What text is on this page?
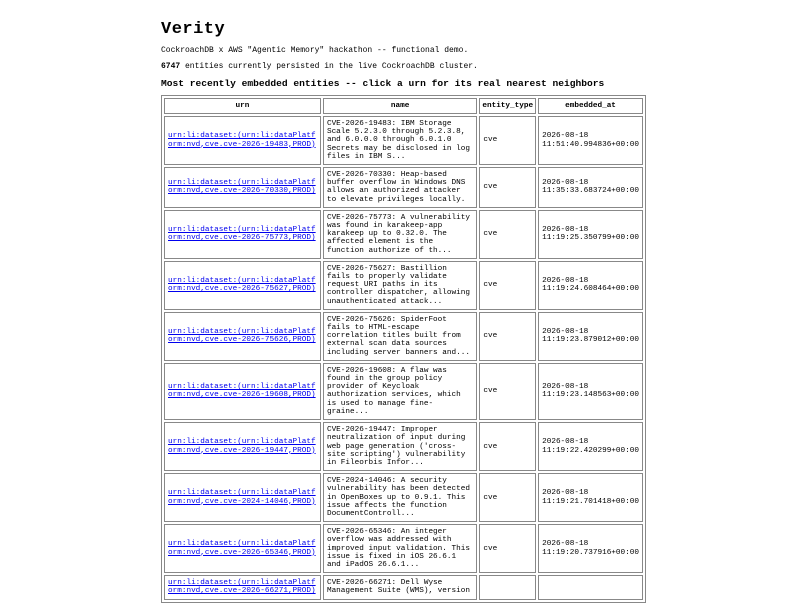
Verity
CockroachDB x AWS "Agentic Memory" hackathon -- functional demo.
6747 entities currently persisted in the live CockroachDB cluster.
Most recently embedded entities -- click a urn for its real nearest neighbors
urn	name	entity_type	embedded_at
urn:li:dataset:(urn:li:dataPlatform:nvd,cve.cve-2026-19483,PROD)	CVE-2026-19483: IBM Storage Scale 5.2.3.0 through 5.2.3.8, and 6.0.0.0 through 6.0.1.0 Secrets may be disclosed in log files in IBM S...	cve	2026-08-18 11:51:40.994836+00:00
urn:li:dataset:(urn:li:dataPlatform:nvd,cve.cve-2026-70330,PROD)	CVE-2026-70330: Heap-based buffer overflow in Windows DNS allows an authorized attacker to elevate privileges locally.	cve	2026-08-18 11:35:33.683724+00:00
urn:li:dataset:(urn:li:dataPlatform:nvd,cve.cve-2026-75773,PROD)	CVE-2026-75773: A vulnerability was found in karakeep-app karakeep up to 0.32.0. The affected element is the function authorize of th...	cve	2026-08-18 11:19:25.350799+00:00
urn:li:dataset:(urn:li:dataPlatform:nvd,cve.cve-2026-75627,PROD)	CVE-2026-75627: Bastillion fails to properly validate request URI paths in its controller dispatcher, allowing unauthenticated attack...	cve	2026-08-18 11:19:24.608464+00:00
urn:li:dataset:(urn:li:dataPlatform:nvd,cve.cve-2026-75626,PROD)	CVE-2026-75626: SpiderFoot fails to HTML-escape correlation titles built from external scan data sources including server banners and...	cve	2026-08-18 11:19:23.879012+00:00
urn:li:dataset:(urn:li:dataPlatform:nvd,cve.cve-2026-19608,PROD)	CVE-2026-19608: A flaw was found in the group policy provider of Keycloak authorization services, which is used to manage fine-graine...	cve	2026-08-18 11:19:23.148563+00:00
urn:li:dataset:(urn:li:dataPlatform:nvd,cve.cve-2026-19447,PROD)	CVE-2026-19447: Improper neutralization of input during web page generation ('cross-site scripting') vulnerability in Fileorbis Infor...	cve	2026-08-18 11:19:22.420299+00:00
urn:li:dataset:(urn:li:dataPlatform:nvd,cve.cve-2024-14046,PROD)	CVE-2024-14046: A security vulnerability has been detected in OpenBoxes up to 0.9.1. This issue affects the function DocumentControll...	cve	2026-08-18 11:19:21.701418+00:00
urn:li:dataset:(urn:li:dataPlatform:nvd,cve.cve-2026-65346,PROD)	CVE-2026-65346: An integer overflow was addressed with improved input validation. This issue is fixed in iOS 26.6.1 and iPadOS 26.6.1...	cve	2026-08-18 11:19:20.737916+00:00
urn:li:dataset:(urn:li:dataPlatform:nvd,cve.cve-2026-66271,PROD)	CVE-2026-66271: Dell Wyse Management Suite (WMS), version		
